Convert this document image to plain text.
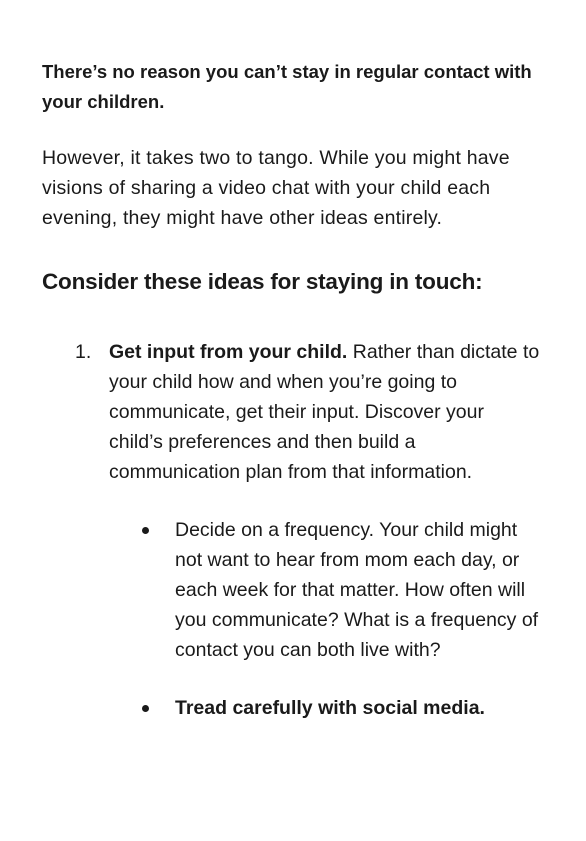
There’s no reason you can’t stay in regular contact with your children.

However, it takes two to tango. While you might have visions of sharing a video chat with your child each evening, they might have other ideas entirely.

Consider these ideas for staying in touch:
1. Get input from your child. Rather than dictate to your child how and when you’re going to communicate, get their input. Discover your child’s preferences and then build a communication plan from that information.
Decide on a frequency. Your child might not want to hear from mom each day, or each week for that matter. How often will you communicate? What is a frequency of contact you can both live with?
Tread carefully with social media.
